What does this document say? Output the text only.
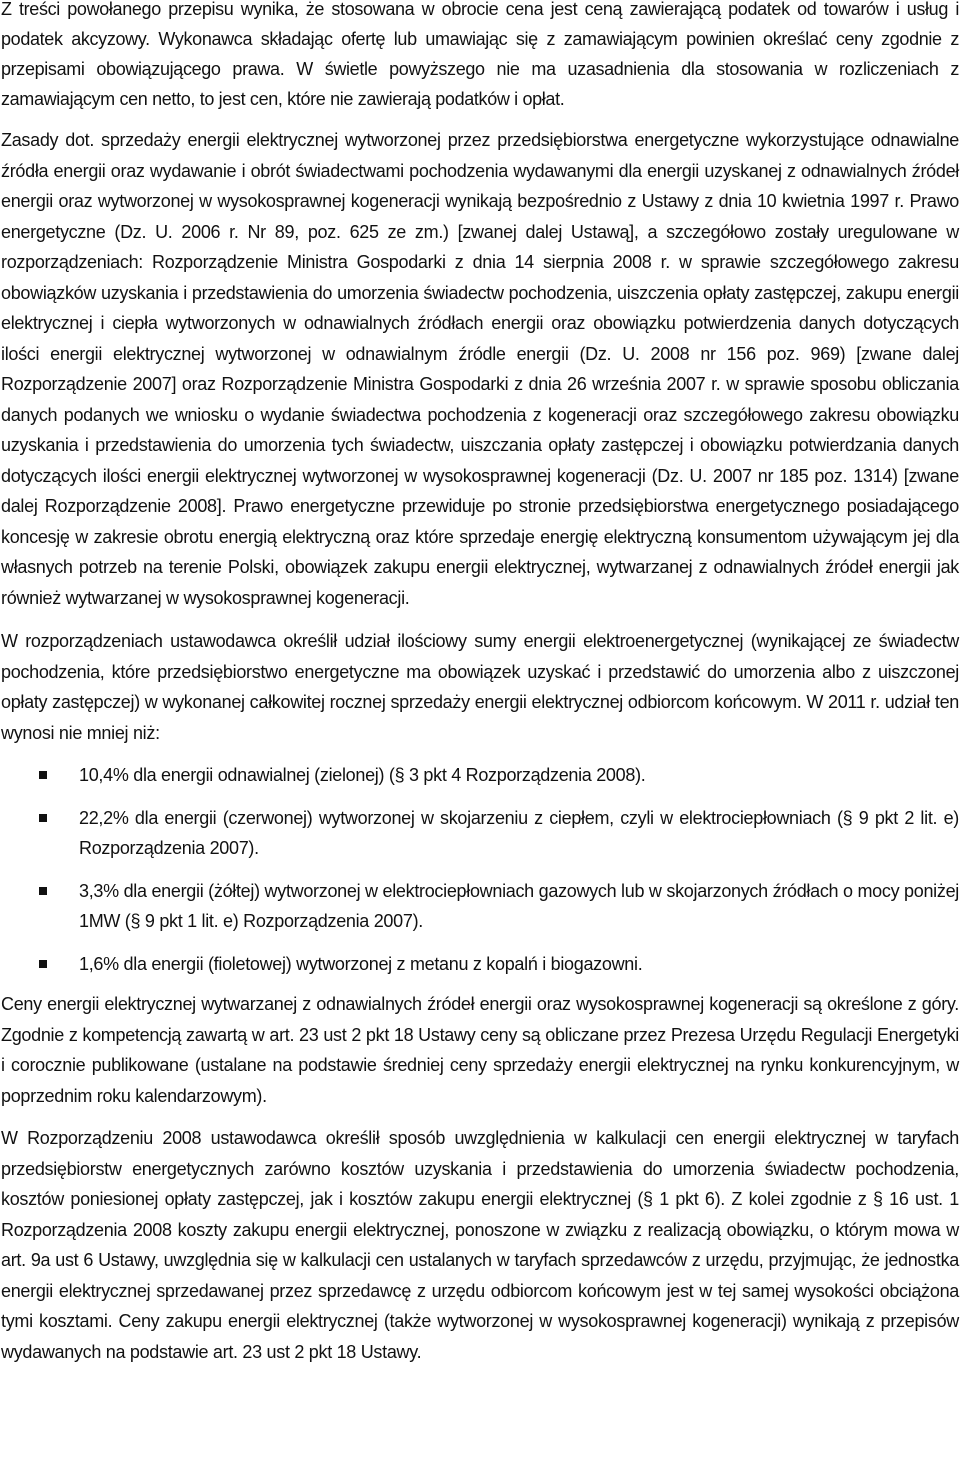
Z treści powołanego przepisu wynika, że stosowana w obrocie cena jest ceną zawierającą podatek od towarów i usług i podatek akcyzowy. Wykonawca składając ofertę lub umawiając się z zamawiającym powinien określać ceny zgodnie z przepisami obowiązującego prawa. W świetle powyższego nie ma uzasadnienia dla stosowania w rozliczeniach z zamawiającym cen netto, to jest cen, które nie zawierają podatków i opłat.

Zasady dot. sprzedaży energii elektrycznej wytworzonej przez przedsiębiorstwa energetyczne wykorzystujące odnawialne źródła energii oraz wydawanie i obrót świadectwami pochodzenia wydawanymi dla energii uzyskanej z odnawialnych źródeł energii oraz wytworzonej w wysokosprawnej kogeneracji wynikają bezpośrednio z Ustawy z dnia 10 kwietnia 1997 r. Prawo energetyczne (Dz. U. 2006 r. Nr 89, poz. 625 ze zm.) [zwanej dalej Ustawą], a szczegółowo zostały uregulowane w rozporządzeniach: Rozporządzenie Ministra Gospodarki z dnia 14 sierpnia 2008 r. w sprawie szczegółowego zakresu obowiązków uzyskania i przedstawienia do umorzenia świadectw pochodzenia, uiszczenia opłaty zastępczej, zakupu energii elektrycznej i ciepła wytworzonych w odnawialnych źródłach energii oraz obowiązku potwierdzenia danych dotyczących ilości energii elektrycznej wytworzonej w odnawialnym źródle energii (Dz. U. 2008 nr 156 poz. 969) [zwane dalej Rozporządzenie 2007] oraz Rozporządzenie Ministra Gospodarki z dnia 26 września 2007 r. w sprawie sposobu obliczania danych podanych we wniosku o wydanie świadectwa pochodzenia z kogeneracji oraz szczegółowego zakresu obowiązku uzyskania i przedstawienia do umorzenia tych świadectw, uiszczania opłaty zastępczej i obowiązku potwierdzania danych dotyczących ilości energii elektrycznej wytworzonej w wysokosprawnej kogeneracji (Dz. U. 2007 nr 185 poz. 1314) [zwane dalej Rozporządzenie 2008]. Prawo energetyczne przewiduje po stronie przedsiębiorstwa energetycznego posiadającego koncesję w zakresie obrotu energią elektryczną oraz które sprzedaje energię elektryczną konsumentom używającym jej dla własnych potrzeb na terenie Polski, obowiązek zakupu energii elektrycznej, wytwarzanej z odnawialnych źródeł energii jak również wytwarzanej w wysokosprawnej kogeneracji.

W rozporządzeniach ustawodawca określił udział ilościowy sumy energii elektroenergetycznej (wynikającej ze świadectw pochodzenia, które przedsiębiorstwo energetyczne ma obowiązek uzyskać i przedstawić do umorzenia albo z uiszczonej opłaty zastępczej) w wykonanej całkowitej rocznej sprzedaży energii elektrycznej odbiorcom końcowym. W 2011 r. udział ten wynosi nie mniej niż:

10,4% dla energii odnawialnej (zielonej) (§ 3 pkt 4 Rozporządzenia 2008).
22,2% dla energii (czerwonej) wytworzonej w skojarzeniu z ciepłem, czyli w elektrociepłowniach (§ 9 pkt 2 lit. e) Rozporządzenia 2007).
3,3% dla energii (żółtej) wytworzonej w elektrociepłowniach gazowych lub w skojarzonych źródłach o mocy poniżej 1MW (§ 9 pkt 1 lit. e) Rozporządzenia 2007).
1,6% dla energii (fioletowej) wytworzonej z metanu z kopalń i biogazowni.

Ceny energii elektrycznej wytwarzanej z odnawialnych źródeł energii oraz wysokosprawnej kogeneracji są określone z góry. Zgodnie z kompetencją zawartą w art. 23 ust 2 pkt 18 Ustawy ceny są obliczane przez Prezesa Urzędu Regulacji Energetyki i corocznie publikowane (ustalane na podstawie średniej ceny sprzedaży energii elektrycznej na rynku konkurencyjnym, w poprzednim roku kalendarzowym).

W Rozporządzeniu 2008 ustawodawca określił sposób uwzględnienia w kalkulacji cen energii elektrycznej w taryfach przedsiębiorstw energetycznych zarówno kosztów uzyskania i przedstawienia do umorzenia świadectw pochodzenia, kosztów poniesionej opłaty zastępczej, jak i kosztów zakupu energii elektrycznej (§ 1 pkt 6). Z kolei zgodnie z § 16 ust. 1 Rozporządzenia 2008 koszty zakupu energii elektrycznej, ponoszone w związku z realizacją obowiązku, o którym mowa w art. 9a ust 6 Ustawy, uwzględnia się w kalkulacji cen ustalanych w taryfach sprzedawców z urzędu, przyjmując, że jednostka energii elektrycznej sprzedawanej przez sprzedawcę z urzędu odbiorcom końcowym jest w tej samej wysokości obciążona tymi kosztami. Ceny zakupu energii elektrycznej (także wytworzonej w wysokosprawnej kogeneracji) wynikają z przepisów wydawanych na podstawie art. 23 ust 2 pkt 18 Ustawy.
